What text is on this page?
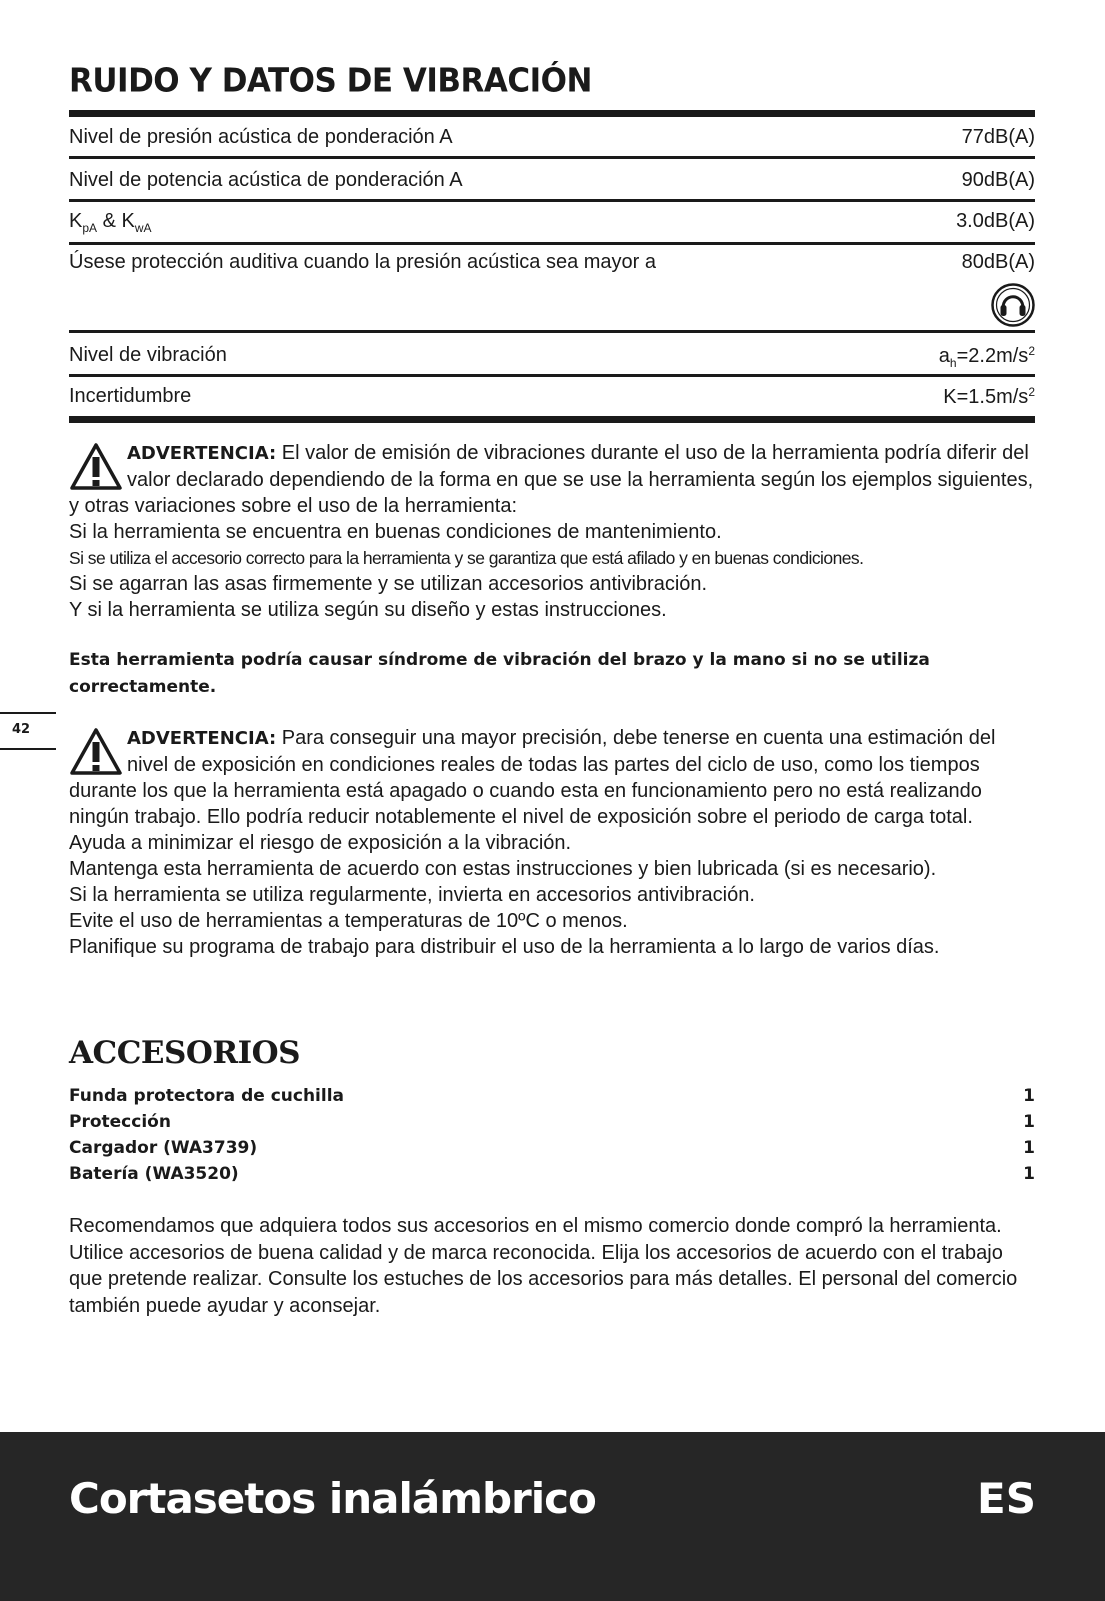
RUIDO Y DATOS DE VIBRACIÓN
Nivel de presión acústica de ponderación A	77dB(A)
Nivel de potencia acústica de ponderación A	90dB(A)
$K_{pA}$ & $K_{wA}$	3.0dB(A)
Úsese protección auditiva cuando la presión acústica sea mayor a	80dB(A)
Nivel de vibración	$a_h=2.2m/s^2$
Incertidumbre	$K=1.5m/s^2$

ADVERTENCIA: El valor de emisión de vibraciones durante el uso de la herramienta podría diferir del valor declarado dependiendo de la forma en que se use la herramienta según los ejemplos siguientes, y otras variaciones sobre el uso de la herramienta:

Si la herramienta se encuentra en buenas condiciones de mantenimiento.

Si se utiliza el accesorio correcto para la herramienta y se garantiza que está afilado y en buenas condiciones.

Si se agarran las asas firmemente y se utilizan accesorios antivibración.

Y si la herramienta se utiliza según su diseño y estas instrucciones.

Esta herramienta podría causar síndrome de vibración del brazo y la mano si no se utiliza correctamente.

ADVERTENCIA: Para conseguir una mayor precisión, debe tenerse en cuenta una estimación del nivel de exposición en condiciones reales de todas las partes del ciclo de uso, como los tiempos durante los que la herramienta está apagado o cuando esta en funcionamiento pero no está realizando ningún trabajo. Ello podría reducir notablemente el nivel de exposición sobre el periodo de carga total.

Ayuda a minimizar el riesgo de exposición a la vibración.

Mantenga esta herramienta de acuerdo con estas instrucciones y bien lubricada (si es necesario).

Si la herramienta se utiliza regularmente, invierta en accesorios antivibración.

Evite el uso de herramientas a temperaturas de 10ºC o menos.

Planifique su programa de trabajo para distribuir el uso de la herramienta a lo largo de varios días.

ACCESORIOS
Funda protectora de cuchilla	1
Protección	1
Cargador (WA3739)	1
Batería (WA3520)	1

Recomendamos que adquiera todos sus accesorios en el mismo comercio donde compró la herramienta. Utilice accesorios de buena calidad y de marca reconocida. Elija los accesorios de acuerdo con el trabajo que pretende realizar. Consulte los estuches de los accesorios para más detalles. El personal del comercio también puede ayudar y aconsejar.

42
Cortasetos inalámbrico	ES
